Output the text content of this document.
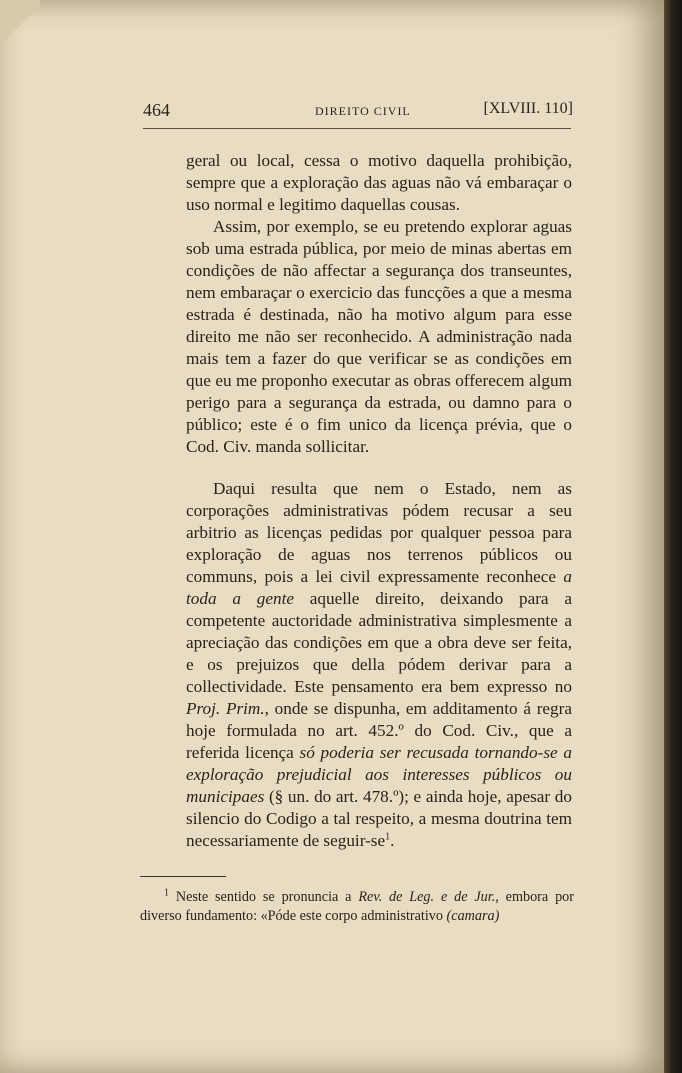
464	DIREITO CIVIL	[XLVIII. 110]

geral ou local, cessa o motivo daquella prohibição, sempre que a exploração das aguas não vá embaraçar o uso normal e legitimo daquellas cousas.

Assim, por exemplo, se eu pretendo explorar aguas sob uma estrada pública, por meio de minas abertas em condições de não affectar a segurança dos transeuntes, nem embaraçar o exercicio das funcções a que a mesma estrada é destinada, não ha motivo algum para esse direito me não ser reconhecido. A administração nada mais tem a fazer do que verificar se as condições em que eu me proponho executar as obras offerecem algum perigo para a segurança da estrada, ou damno para o público; este é o fim unico da licença prévia, que o Cod. Civ. manda sollicitar.

Daqui resulta que nem o Estado, nem as corporações administrativas pódem recusar a seu arbitrio as licenças pedidas por qualquer pessoa para exploração de aguas nos terrenos públicos ou communs, pois a lei civil expressamente reconhece a toda a gente aquelle direito, deixando para a competente auctoridade administrativa simplesmente a apreciação das condições em que a obra deve ser feita, e os prejuizos que della pódem derivar para a collectividade. Este pensamento era bem expresso no Proj. Prim., onde se dispunha, em additamento á regra hoje formulada no art. 452.º do Cod. Civ., que a referida licença só poderia ser recusada tornando-se a exploração prejudicial aos interesses públicos ou municipaes (§ un. do art. 478.º); e ainda hoje, apesar do silencio do Codigo a tal respeito, a mesma doutrina tem necessariamente de seguir-$se^1$.

$^1$ Neste sentido se pronuncia a Rev. de Leg. e de Jur., embora por diverso fundamento: «Póde este corpo administrativo (camara)
